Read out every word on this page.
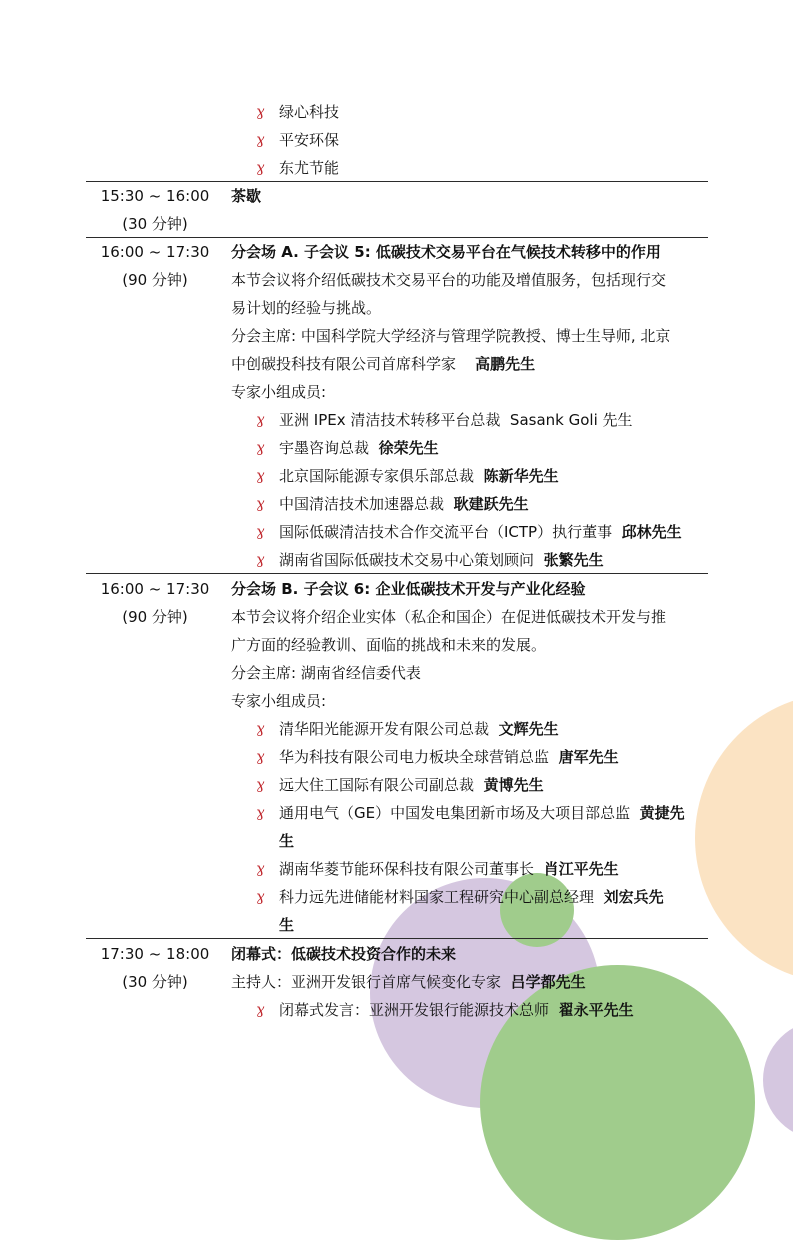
ɣ 绿心科技
ɣ 平安环保
ɣ 东尤节能
15:30 ~ 16:00	茶歇
(30 分钟)
16:00 ~ 17:30	分会场 A. 子会议 5: 低碳技术交易平台在气候技术转移中的作用
(90 分钟)	本节会议将介绍低碳技术交易平台的功能及增值服务，包括现行交
易计划的经验与挑战。
分会主席: 中国科学院大学经济与管理学院教授、博士生导师, 北京
中创碳投科技有限公司首席科学家 高鹏先生
专家小组成员:
ɣ 亚洲 IPEx 清洁技术转移平台总裁 Sasank Goli 先生
ɣ 宇墨咨询总裁 徐荣先生
ɣ 北京国际能源专家俱乐部总裁 陈新华先生
ɣ 中国清洁技术加速器总裁 耿建跃先生
ɣ 国际低碳清洁技术合作交流平台（ICTP）执行董事 邱林先生
ɣ 湖南省国际低碳技术交易中心策划顾问 张繁先生
16:00 ~ 17:30	分会场 B. 子会议 6: 企业低碳技术开发与产业化经验
(90 分钟)	本节会议将介绍企业实体（私企和国企）在促进低碳技术开发与推
广方面的经验教训、面临的挑战和未来的发展。
分会主席: 湖南省经信委代表
专家小组成员:
ɣ 清华阳光能源开发有限公司总裁 文辉先生
ɣ 华为科技有限公司电力板块全球营销总监 唐军先生
ɣ 远大住工国际有限公司副总裁 黄博先生
ɣ 通用电气（GE）中国发电集团新市场及大项目部总监 黄捷先
生
ɣ 湖南华菱节能环保科技有限公司董事长 肖江平先生
ɣ 科力远先进储能材料国家工程研究中心副总经理 刘宏兵先
生
17:30 ~ 18:00	闭幕式：低碳技术投资合作的未来
(30 分钟)	主持人：亚洲开发银行首席气候变化专家 吕学都先生
ɣ 闭幕式发言：亚洲开发银行能源技术总师 翟永平先生
